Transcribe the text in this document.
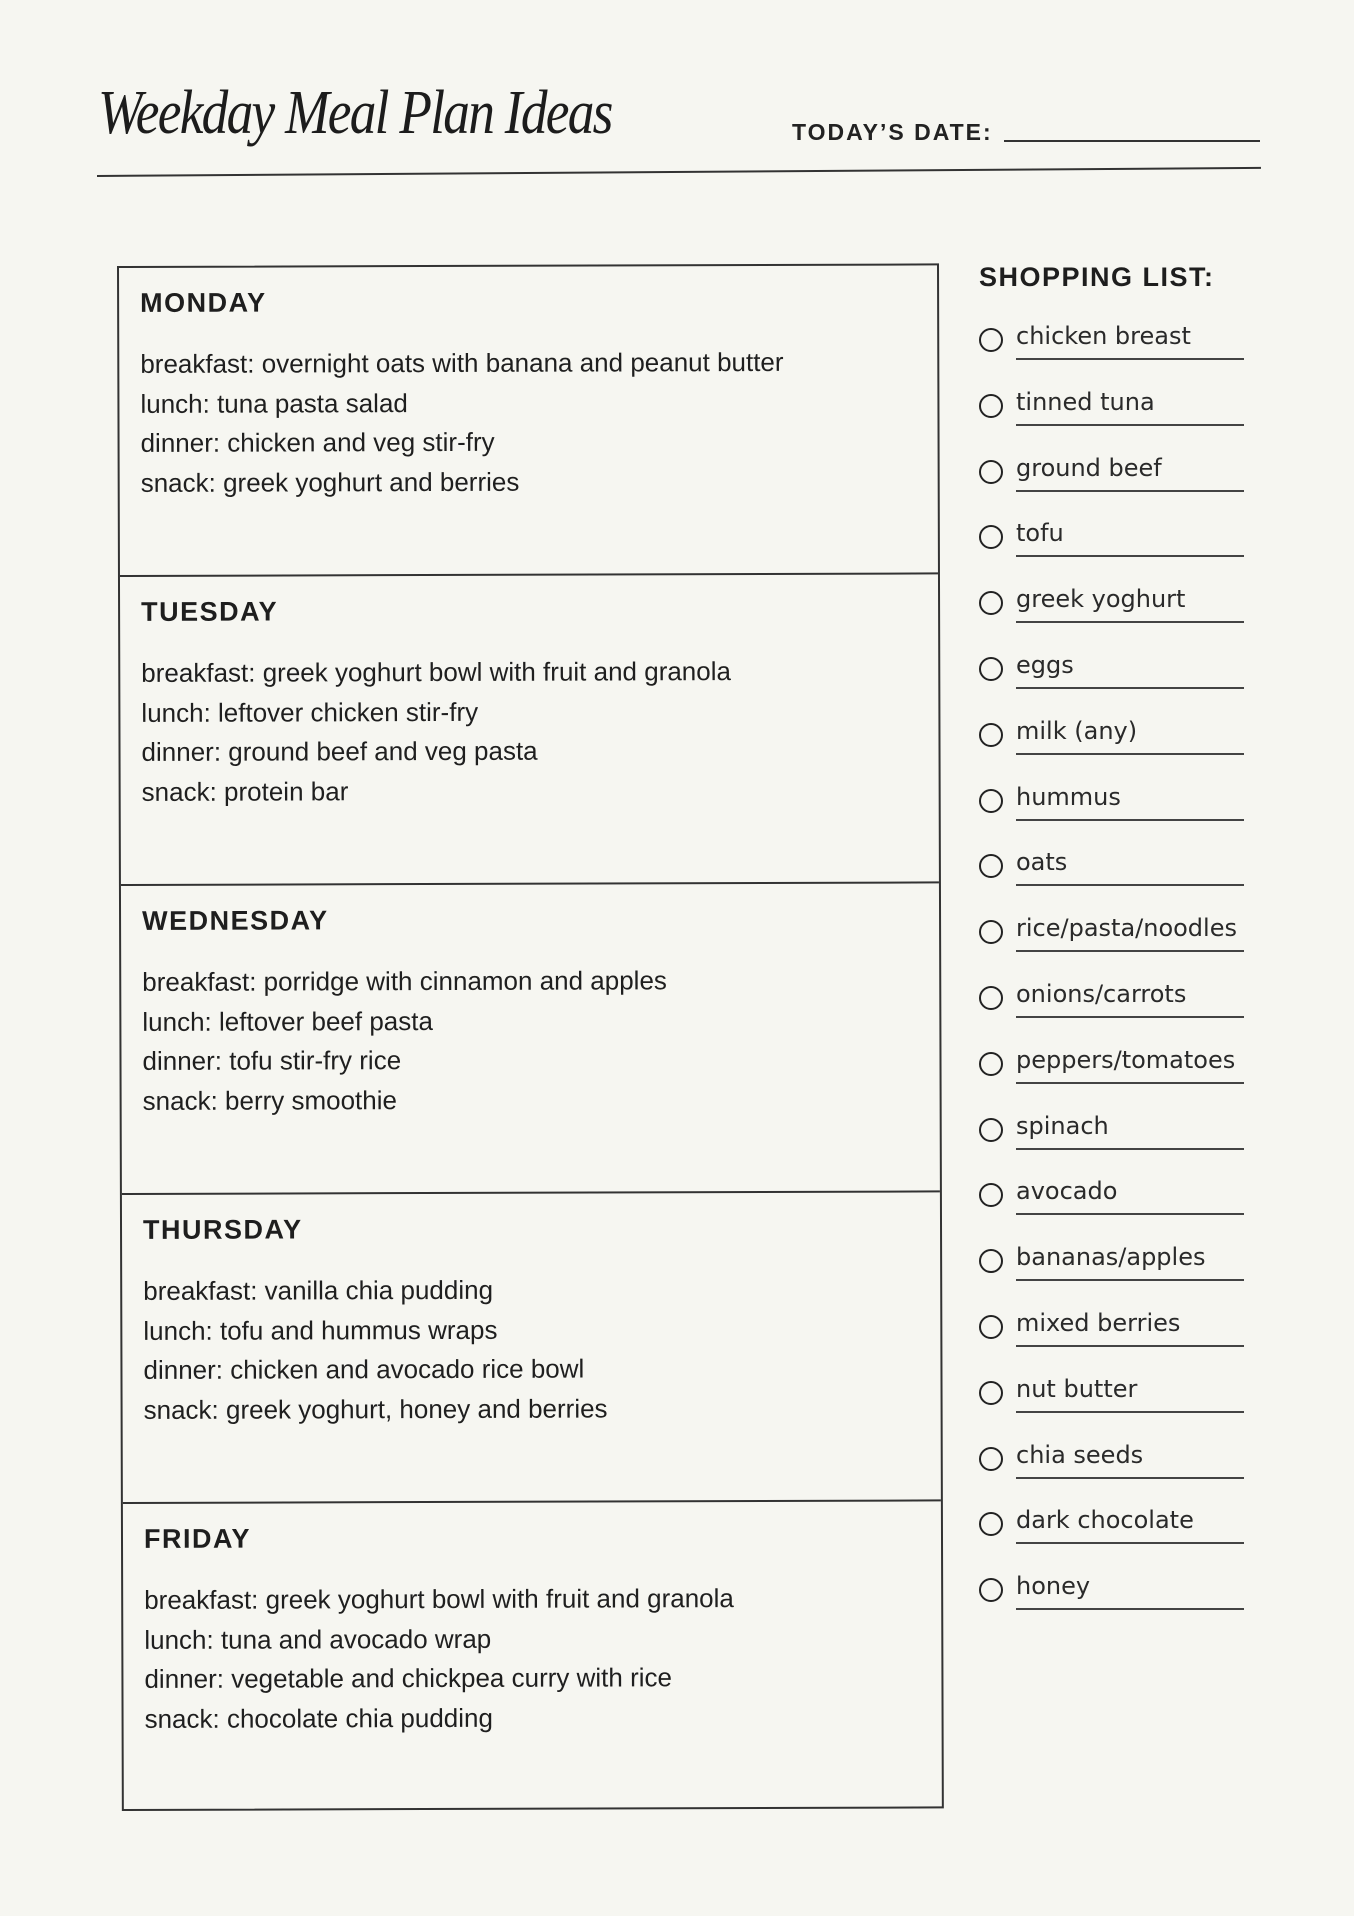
Weekday Meal Plan Ideas	TODAY’S DATE:
MONDAY
breakfast: overnight oats with banana and peanut butter
lunch: tuna pasta salad
dinner: chicken and veg stir-fry
snack: greek yoghurt and berries
TUESDAY
breakfast: greek yoghurt bowl with fruit and granola
lunch: leftover chicken stir-fry
dinner: ground beef and veg pasta
snack: protein bar
WEDNESDAY
breakfast: porridge with cinnamon and apples
lunch: leftover beef pasta
dinner: tofu stir-fry rice
snack: berry smoothie
THURSDAY
breakfast: vanilla chia pudding
lunch: tofu and hummus wraps
dinner: chicken and avocado rice bowl
snack: greek yoghurt, honey and berries
FRIDAY
breakfast: greek yoghurt bowl with fruit and granola
lunch: tuna and avocado wrap
dinner: vegetable and chickpea curry with rice
snack: chocolate chia pudding
SHOPPING LIST:
chicken breast
tinned tuna
ground beef
tofu
greek yoghurt
eggs
milk (any)
hummus
oats
rice/pasta/noodles
onions/carrots
peppers/tomatoes
spinach
avocado
bananas/apples
mixed berries
nut butter
chia seeds
dark chocolate
honey
